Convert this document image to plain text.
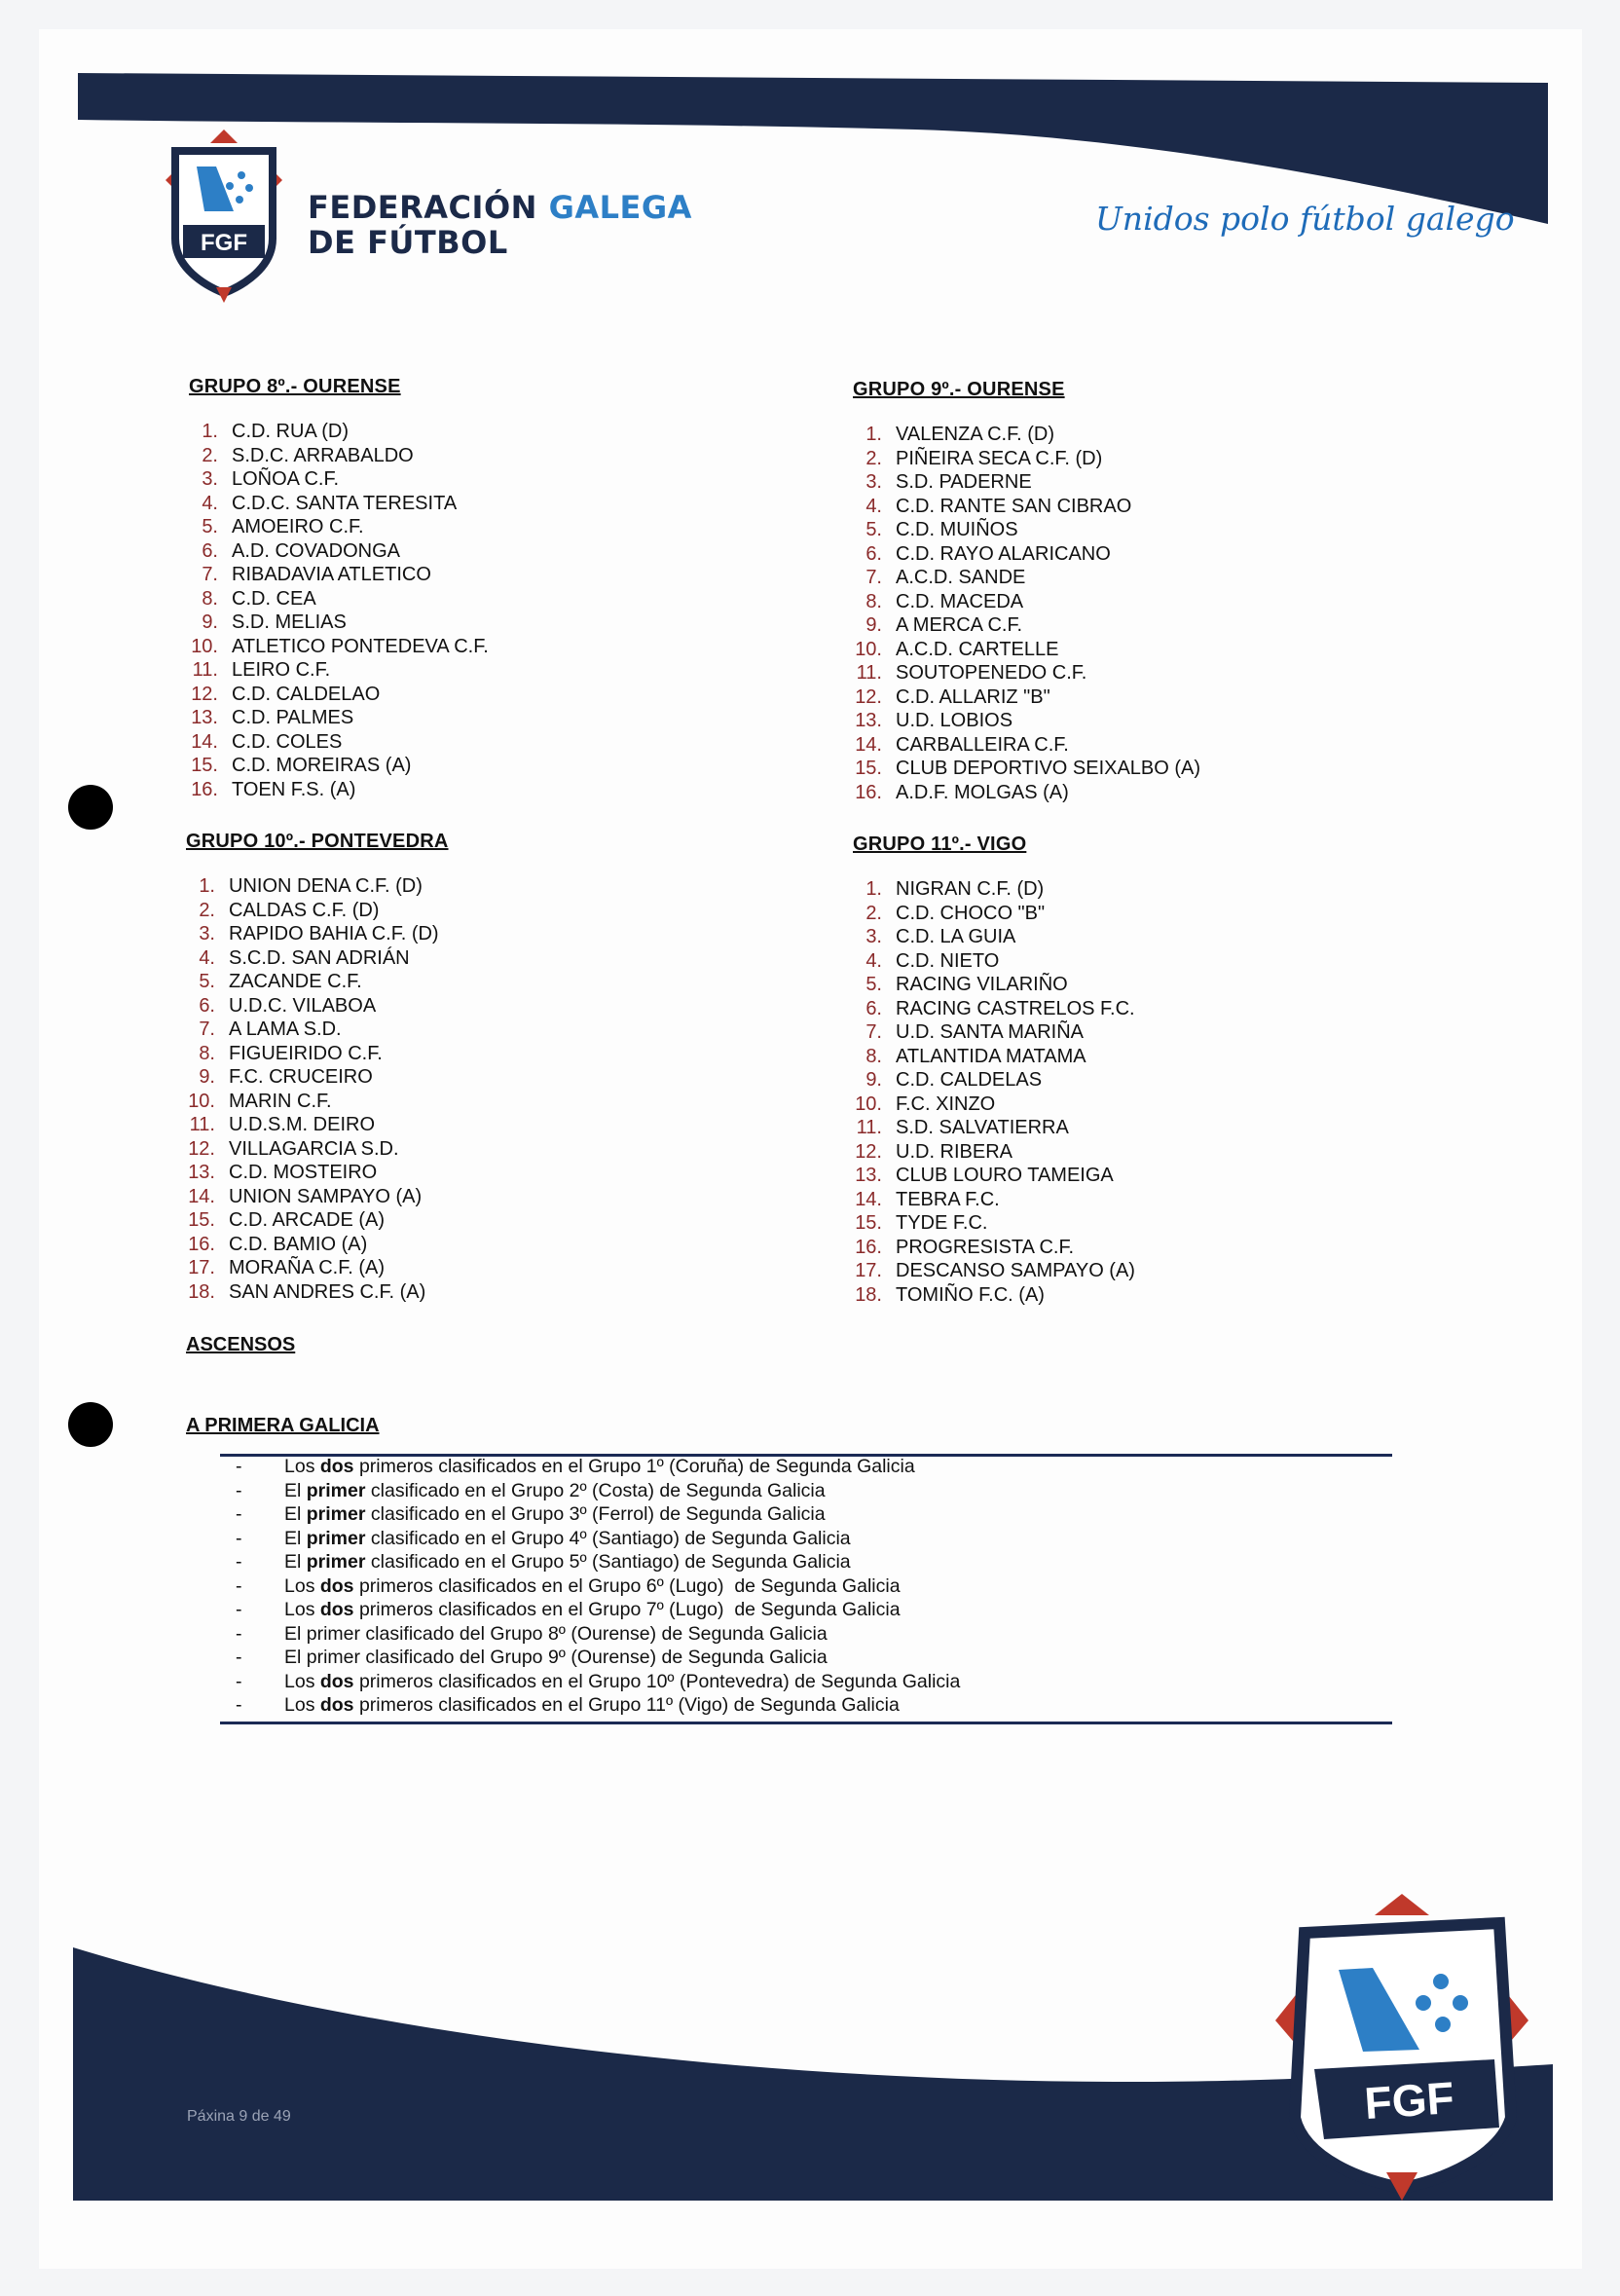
FGF
FEDERACIÓN GALEGA
DE FÚTBOL
Unidos polo fútbol galego
GRUPO 8º.- OURENSE
1. C.D. RUA (D)
2. S.D.C. ARRABALDO
3. LOÑOA C.F.
4. C.D.C. SANTA TERESITA
5. AMOEIRO C.F.
6. A.D. COVADONGA
7. RIBADAVIA ATLETICO
8. C.D. CEA
9. S.D. MELIAS
10. ATLETICO PONTEDEVA C.F.
11. LEIRO C.F.
12. C.D. CALDELAO
13. C.D. PALMES
14. C.D. COLES
15. C.D. MOREIRAS (A)
16. TOEN F.S. (A)
GRUPO 9º.- OURENSE
1. VALENZA C.F. (D)
2. PIÑEIRA SECA C.F. (D)
3. S.D. PADERNE
4. C.D. RANTE SAN CIBRAO
5. C.D. MUIÑOS
6. C.D. RAYO ALARICANO
7. A.C.D. SANDE
8. C.D. MACEDA
9. A MERCA C.F.
10. A.C.D. CARTELLE
11. SOUTOPENEDO C.F.
12. C.D. ALLARIZ "B"
13. U.D. LOBIOS
14. CARBALLEIRA C.F.
15. CLUB DEPORTIVO SEIXALBO (A)
16. A.D.F. MOLGAS (A)
GRUPO 10º.- PONTEVEDRA
1. UNION DENA C.F. (D)
2. CALDAS C.F. (D)
3. RAPIDO BAHIA C.F. (D)
4. S.C.D. SAN ADRIÁN
5. ZACANDE C.F.
6. U.D.C. VILABOA
7. A LAMA S.D.
8. FIGUEIRIDO C.F.
9. F.C. CRUCEIRO
10. MARIN C.F.
11. U.D.S.M. DEIRO
12. VILLAGARCIA S.D.
13. C.D. MOSTEIRO
14. UNION SAMPAYO (A)
15. C.D. ARCADE (A)
16. C.D. BAMIO (A)
17. MORAÑA C.F. (A)
18. SAN ANDRES C.F. (A)
GRUPO 11º.- VIGO
1. NIGRAN C.F. (D)
2. C.D. CHOCO "B"
3. C.D. LA GUIA
4. C.D. NIETO
5. RACING VILARIÑO
6. RACING CASTRELOS F.C.
7. U.D. SANTA MARIÑA
8. ATLANTIDA MATAMA
9. C.D. CALDELAS
10. F.C. XINZO
11. S.D. SALVATIERRA
12. U.D. RIBERA
13. CLUB LOURO TAMEIGA
14. TEBRA F.C.
15. TYDE F.C.
16. PROGRESISTA C.F.
17. DESCANSO SAMPAYO (A)
18. TOMIÑO F.C. (A)
ASCENSOS
A PRIMERA GALICIA
-	Los dos primeros clasificados en el Grupo 1º (Coruña) de Segunda Galicia
-	El primer clasificado en el Grupo 2º (Costa) de Segunda Galicia
-	El primer clasificado en el Grupo 3º (Ferrol) de Segunda Galicia
-	El primer clasificado en el Grupo 4º (Santiago) de Segunda Galicia
-	El primer clasificado en el Grupo 5º (Santiago) de Segunda Galicia
-	Los dos primeros clasificados en el Grupo 6º (Lugo)  de Segunda Galicia
-	Los dos primeros clasificados en el Grupo 7º (Lugo)  de Segunda Galicia
-	El primer clasificado del Grupo 8º (Ourense) de Segunda Galicia
-	El primer clasificado del Grupo 9º (Ourense) de Segunda Galicia
-	Los dos primeros clasificados en el Grupo 10º (Pontevedra) de Segunda Galicia
-	Los dos primeros clasificados en el Grupo 11º (Vigo) de Segunda Galicia
Páxina 9 de 49	FGF
